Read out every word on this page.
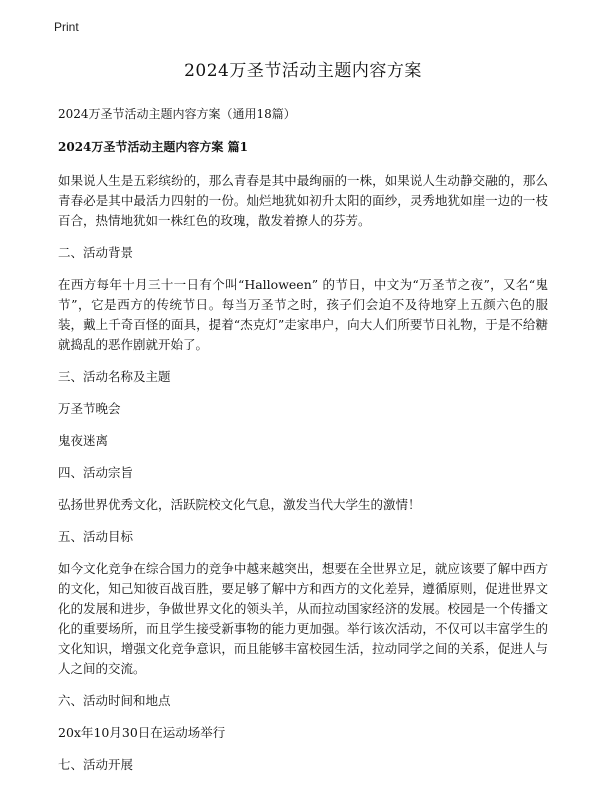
Print
2024万圣节活动主题内容方案
2024万圣节活动主题内容方案（通用18篇）
2024万圣节活动主题内容方案 篇1
如果说人生是五彩缤纷的，那么青春是其中最绚丽的一株，如果说人生动静交融的，那么青春必是其中最活力四射的一份。灿烂地犹如初升太阳的面纱，灵秀地犹如崖一边的一枝百合，热情地犹如一株红色的玫瑰，散发着撩人的芬芳。
二、活动背景
在西方每年十月三十一日有个叫“Halloween” 的节日，中文为“万圣节之夜”，又名“鬼节”，它是西方的传统节日。每当万圣节之时，孩子们会迫不及待地穿上五颜六色的服装，戴上千奇百怪的面具，提着“杰克灯”走家串户，向大人们所要节日礼物，于是不给糖就捣乱的恶作剧就开始了。
三、活动名称及主题
万圣节晚会
鬼夜迷离
四、活动宗旨
弘扬世界优秀文化，活跃院校文化气息，激发当代大学生的激情！
五、活动目标
如今文化竞争在综合国力的竞争中越来越突出，想要在全世界立足，就应该要了解中西方的文化，知己知彼百战百胜，要足够了解中方和西方的文化差异，遵循原则，促进世界文化的发展和进步，争做世界文化的领头羊，从而拉动国家经济的发展。校园是一个传播文化的重要场所，而且学生接受新事物的能力更加强。举行该次活动，不仅可以丰富学生的文化知识，增强文化竞争意识，而且能够丰富校园生活，拉动同学之间的关系，促进人与人之间的交流。
六、活动时间和地点
20x年10月30日在运动场举行
七、活动开展
